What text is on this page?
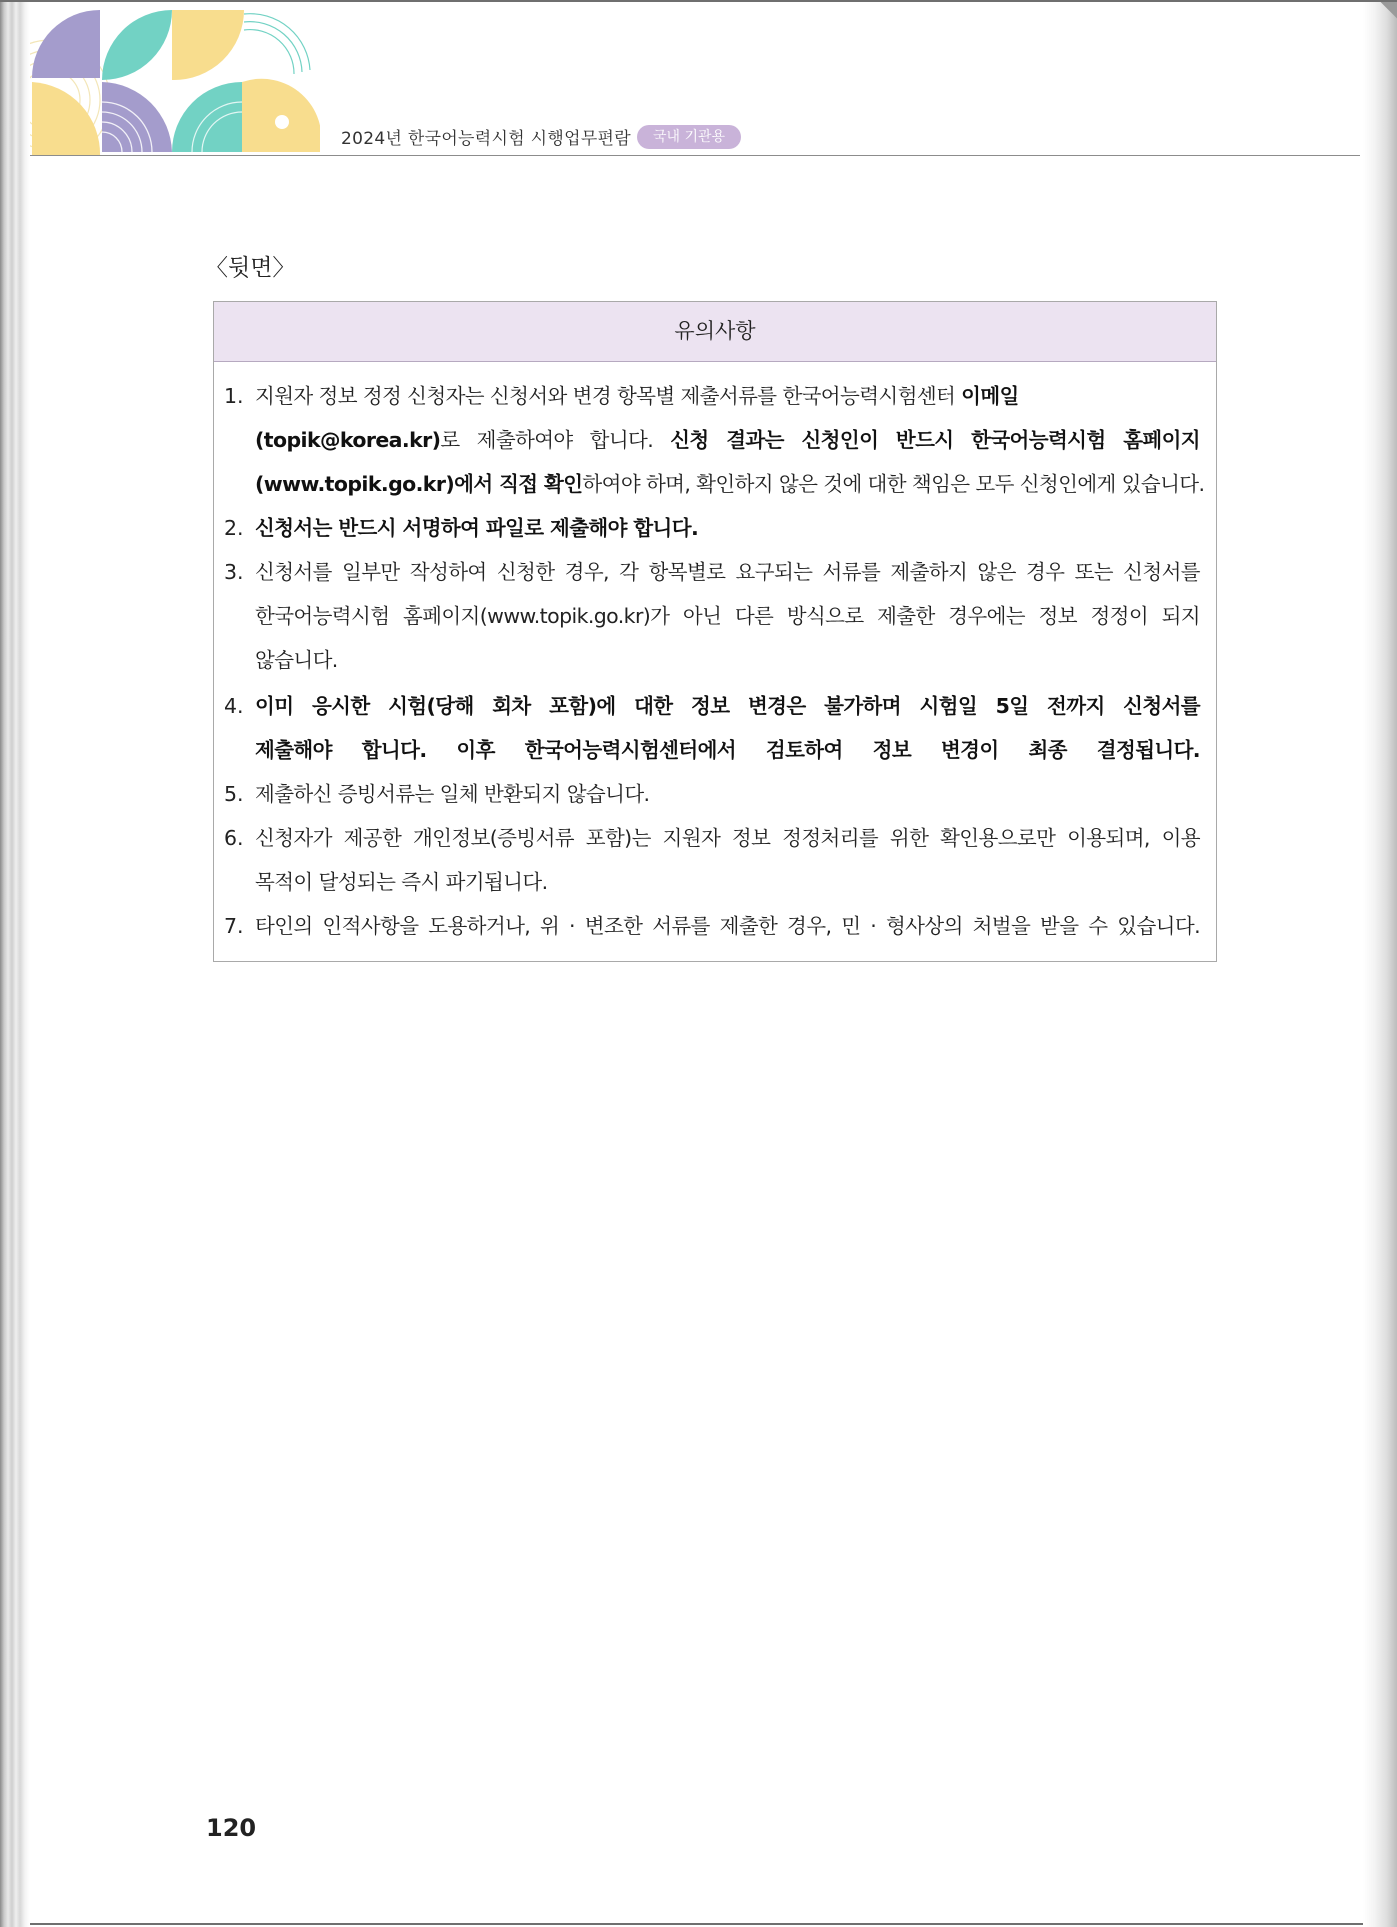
2024년 한국어능력시험 시행업무편람	국내 기관용
〈뒷면〉
유의사항
1. 지원자 정보 정정 신청자는 신청서와 변경 항목별 제출서류를 한국어능력시험센터 이메일
(topik@korea.kr)로 제출하여야 합니다. 신청 결과는 신청인이 반드시 한국어능력시험 홈페이지
(www.topik.go.kr)에서 직접 확인하여야 하며, 확인하지 않은 것에 대한 책임은 모두 신청인에게 있습니다.
2. 신청서는 반드시 서명하여 파일로 제출해야 합니다.
3. 신청서를 일부만 작성하여 신청한 경우, 각 항목별로 요구되는 서류를 제출하지 않은 경우 또는 신청서를
한국어능력시험 홈페이지(www.topik.go.kr)가 아닌 다른 방식으로 제출한 경우에는 정보 정정이 되지
않습니다.
4. 이미 응시한 시험(당해 회차 포함)에 대한 정보 변경은 불가하며 시험일 5일 전까지 신청서를
제출해야 합니다. 이후 한국어능력시험센터에서 검토하여 정보 변경이 최종 결정됩니다.
5. 제출하신 증빙서류는 일체 반환되지 않습니다.
6. 신청자가 제공한 개인정보(증빙서류 포함)는 지원자 정보 정정처리를 위한 확인용으로만 이용되며, 이용
목적이 달성되는 즉시 파기됩니다.
7. 타인의 인적사항을 도용하거나, 위 · 변조한 서류를 제출한 경우, 민 · 형사상의 처벌을 받을 수 있습니다.
120
